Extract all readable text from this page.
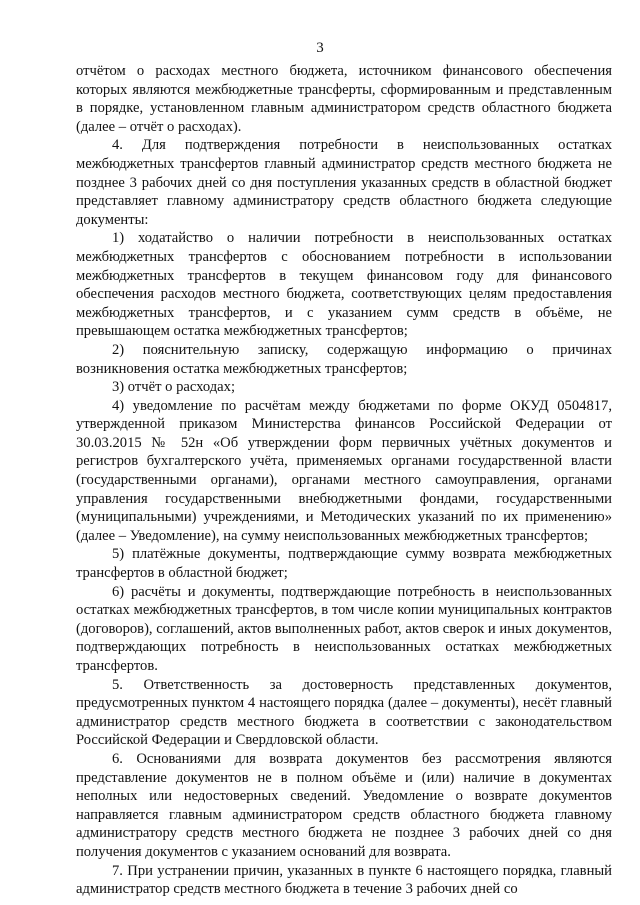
3

отчётом о расходах местного бюджета, источником финансового обеспечения которых являются межбюджетные трансферты, сформированным и представленным в порядке, установленном главным администратором средств областного бюджета (далее – отчёт о расходах).

4. Для подтверждения потребности в неиспользованных остатках межбюджетных трансфертов главный администратор средств местного бюджета не позднее 3 рабочих дней со дня поступления указанных средств в областной бюджет представляет главному администратору средств областного бюджета следующие документы:

1) ходатайство о наличии потребности в неиспользованных остатках межбюджетных трансфертов с обоснованием потребности в использовании межбюджетных трансфертов в текущем финансовом году для финансового обеспечения расходов местного бюджета, соответствующих целям предоставления межбюджетных трансфертов, и с указанием сумм средств в объёме, не превышающем остатка межбюджетных трансфертов;

2) пояснительную записку, содержащую информацию о причинах возникновения остатка межбюджетных трансфертов;

3) отчёт о расходах;

4) уведомление по расчётам между бюджетами по форме ОКУД 0504817, утвержденной приказом Министерства финансов Российской Федерации от 30.03.2015 № 52н «Об утверждении форм первичных учётных документов и регистров бухгалтерского учёта, применяемых органами государственной власти (государственными органами), органами местного самоуправления, органами управления государственными внебюджетными фондами, государственными (муниципальными) учреждениями, и Методических указаний по их применению» (далее – Уведомление), на сумму неиспользованных межбюджетных трансфертов;

5) платёжные документы, подтверждающие сумму возврата межбюджетных трансфертов в областной бюджет;

6) расчёты и документы, подтверждающие потребность в неиспользованных остатках межбюджетных трансфертов, в том числе копии муниципальных контрактов (договоров), соглашений, актов выполненных работ, актов сверок и иных документов, подтверждающих потребность в неиспользованных остатках межбюджетных трансфертов.

5. Ответственность за достоверность представленных документов, предусмотренных пунктом 4 настоящего порядка (далее – документы), несёт главный администратор средств местного бюджета в соответствии с законодательством Российской Федерации и Свердловской области.

6. Основаниями для возврата документов без рассмотрения являются представление документов не в полном объёме и (или) наличие в документах неполных или недостоверных сведений. Уведомление о возврате документов направляется главным администратором средств областного бюджета главному администратору средств местного бюджета не позднее 3 рабочих дней со дня получения документов с указанием оснований для возврата.

7. При устранении причин, указанных в пункте 6 настоящего порядка, главный администратор средств местного бюджета в течение 3 рабочих дней со
